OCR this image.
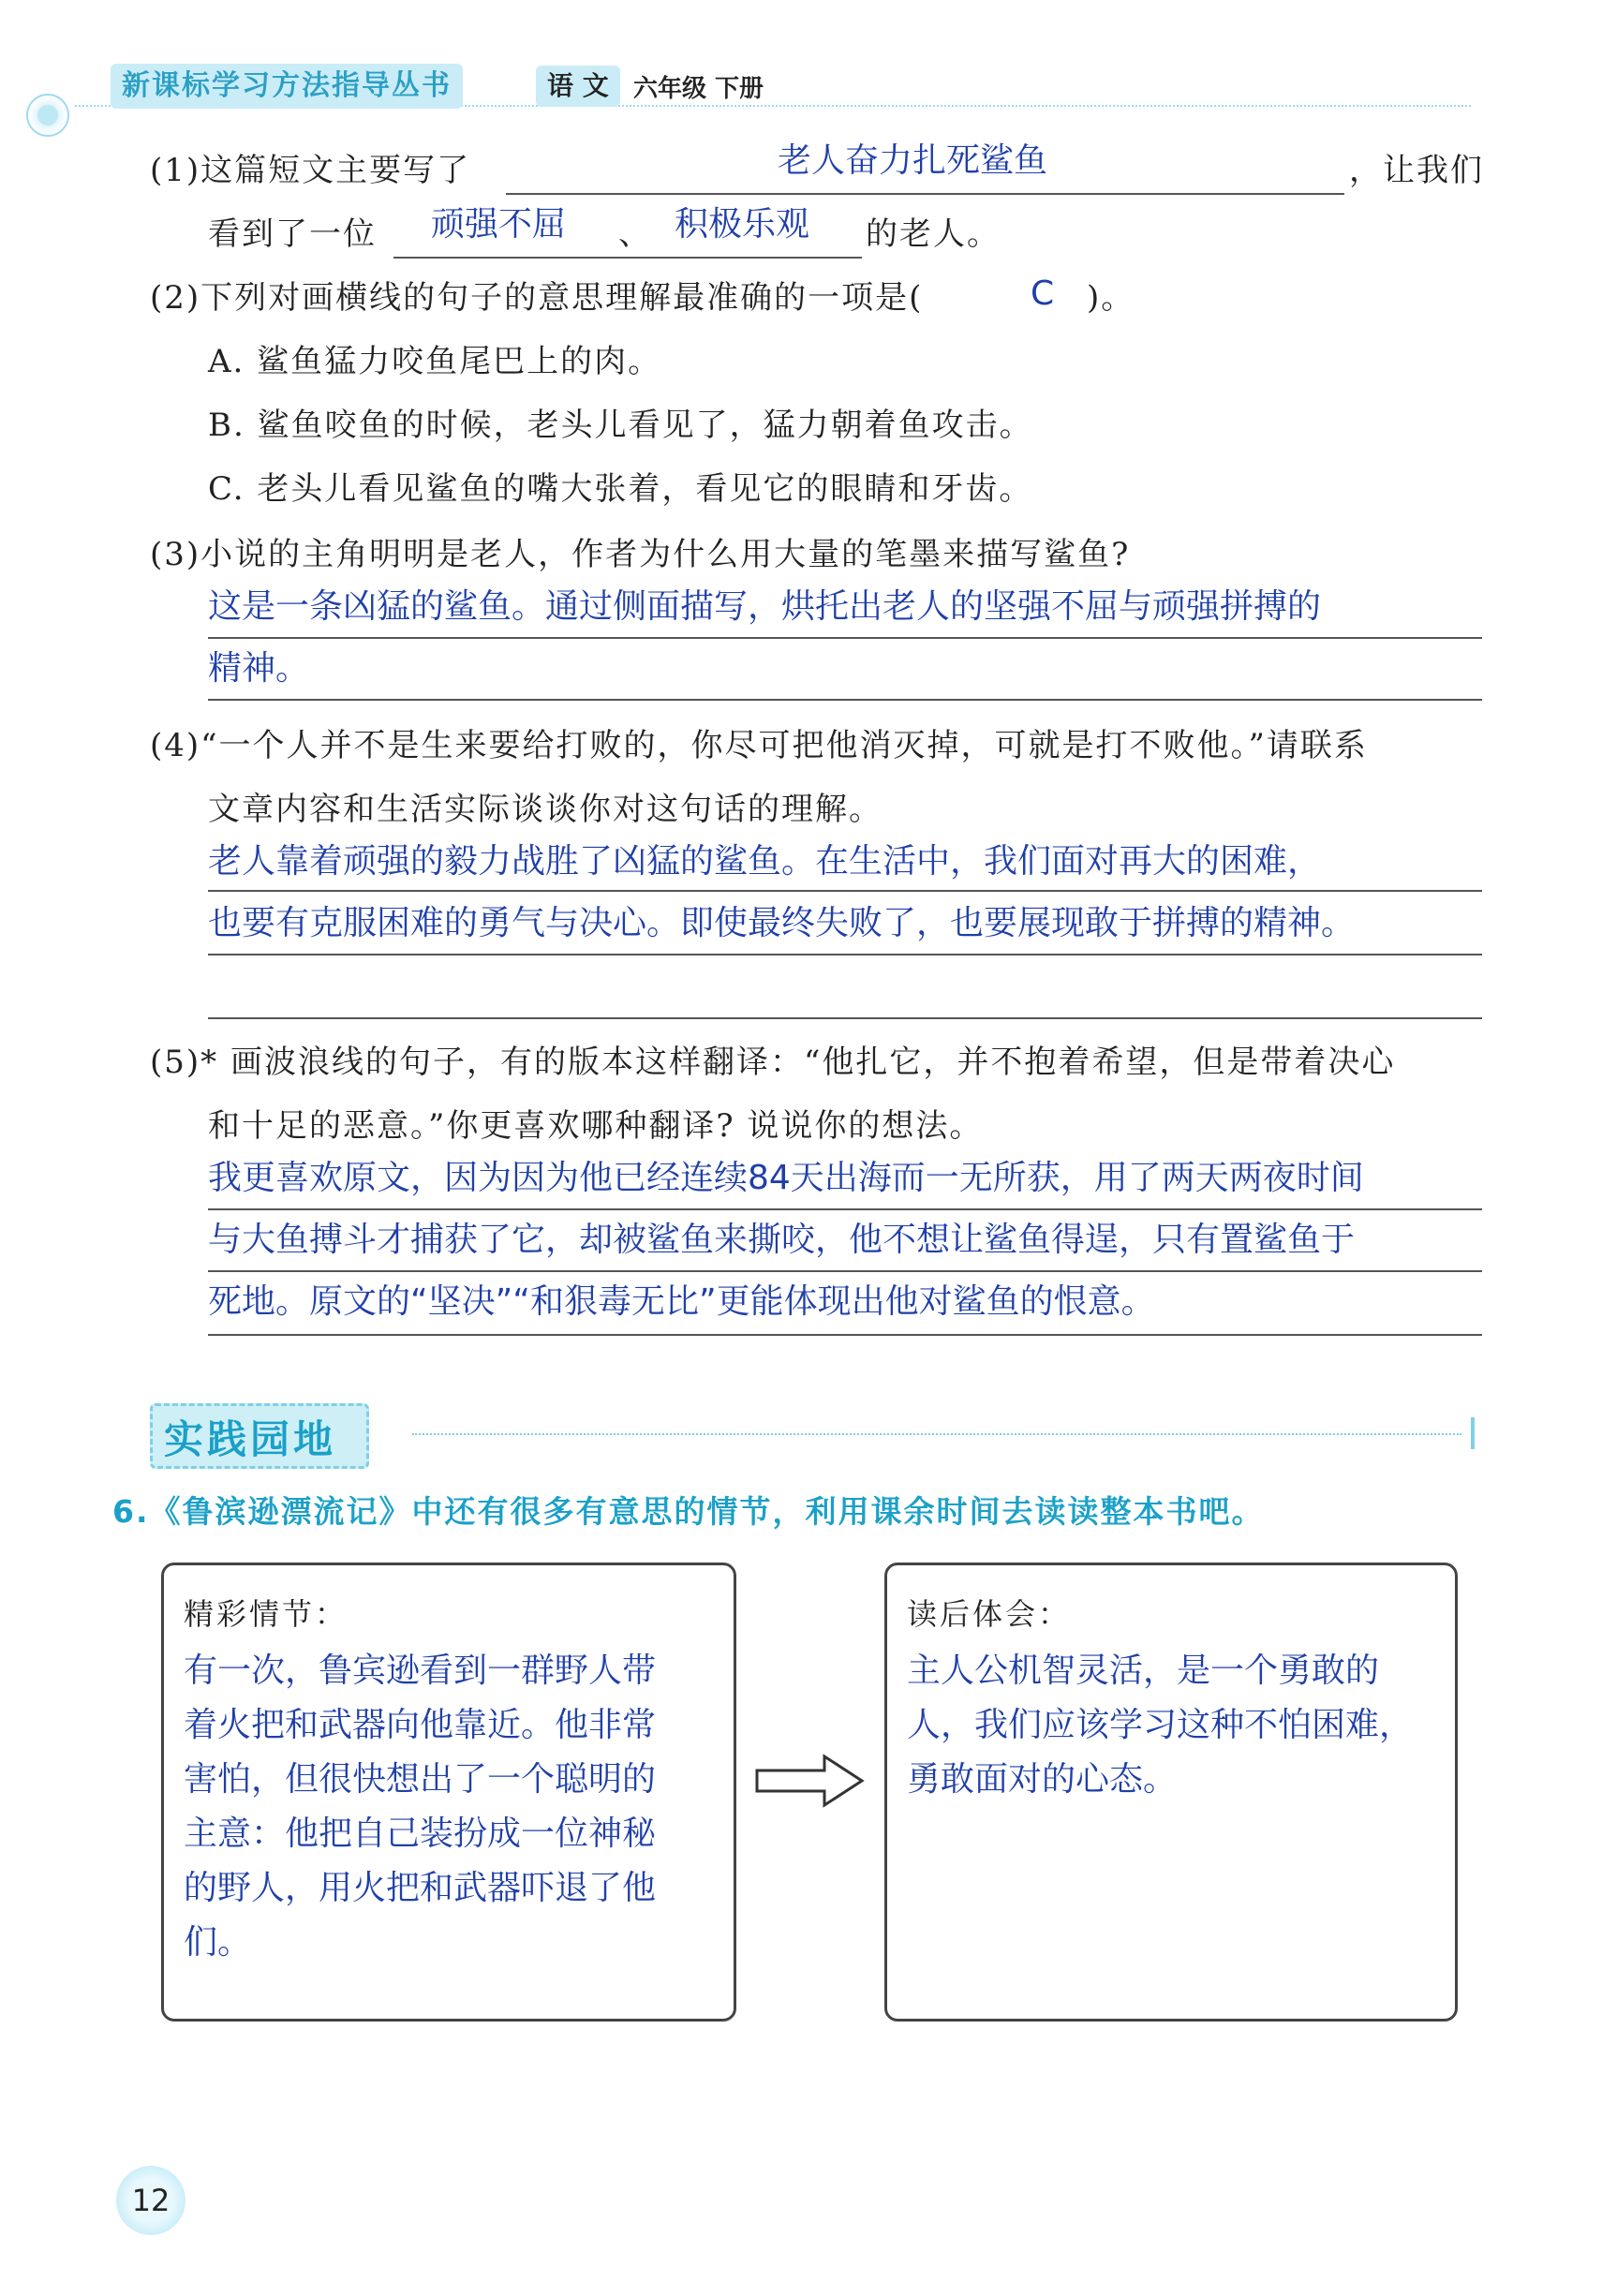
新课标学习方法指导丛书	语 文	六年级 下册
(1)这篇短文主要写了	老人奋力扎死鲨鱼	，让我们
看到了一位 顽强不屈 、 积极乐观 的老人。
(2)下列对画横线的句子的意思理解最准确的一项是(	C )。
A. 鲨鱼猛力咬鱼尾巴上的肉。
B. 鲨鱼咬鱼的时候，老头儿看见了，猛力朝着鱼攻击。
C. 老头儿看见鲨鱼的嘴大张着，看见它的眼睛和牙齿。
(3)小说的主角明明是老人，作者为什么用大量的笔墨来描写鲨鱼?
这是一条凶猛的鲨鱼。通过侧面描写，烘托出老人的坚强不屈与顽强拼搏的
精神。
(4)“一个人并不是生来要给打败的，你尽可把他消灭掉，可就是打不败他。”请联系
文章内容和生活实际谈谈你对这句话的理解。
老人靠着顽强的毅力战胜了凶猛的鲨鱼。在生活中，我们面对再大的困难，
也要有克服困难的勇气与决心。即使最终失败了，也要展现敢于拼搏的精神。
(5)* 画波浪线的句子，有的版本这样翻译：“他扎它，并不抱着希望，但是带着决心
和十足的恶意。”你更喜欢哪种翻译? 说说你的想法。
我更喜欢原文，因为因为他已经连续84天出海而一无所获，用了两天两夜时间
与大鱼搏斗才捕获了它，却被鲨鱼来撕咬，他不想让鲨鱼得逞，只有置鲨鱼于
死地。原文的“坚决”“和狠毒无比”更能体现出他对鲨鱼的恨意。
实践园地
6.《鲁滨逊漂流记》中还有很多有意思的情节，利用课余时间去读读整本书吧。
精彩情节：
有一次，鲁宾逊看到一群野人带
着火把和武器向他靠近。他非常
害怕，但很快想出了一个聪明的
主意：他把自己装扮成一位神秘
的野人，用火把和武器吓退了他
们。
读后体会：
主人公机智灵活，是一个勇敢的
人，我们应该学习这种不怕困难，
勇敢面对的心态。
12
